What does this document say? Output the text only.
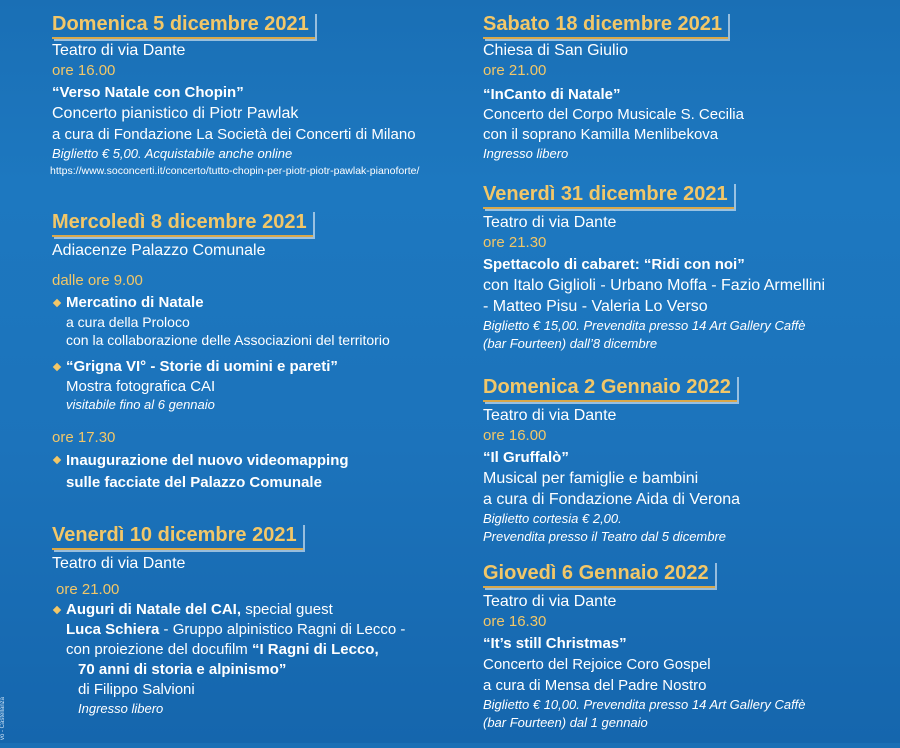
Domenica 5 dicembre 2021
Teatro di via Dante
ore 16.00
“Verso Natale con Chopin”
Concerto pianistico di Piotr Pawlak
a cura di Fondazione La Società dei Concerti di Milano
Biglietto € 5,00. Acquistabile anche online
https://www.soconcerti.it/concerto/tutto-chopin-per-piotr-piotr-pawlak-pianoforte/
Mercoledì 8 dicembre 2021
Adiacenze Palazzo Comunale
dalle ore 9.00
Mercatino di Natale
a cura della Proloco
con la collaborazione delle Associazioni del territorio
“Grigna VI° - Storie di uomini e pareti”
Mostra fotografica CAI
visitabile fino al 6 gennaio
ore 17.30
Inaugurazione del nuovo videomapping
sulle facciate del Palazzo Comunale
Venerdì 10 dicembre 2021
Teatro di via Dante
ore 21.00
Auguri di Natale del CAI, special guest
Luca Schiera - Gruppo alpinistico Ragni di Lecco -
con proiezione del docufilm “I Ragni di Lecco,
70 anni di storia e alpinismo”
di Filippo Salvioni
Ingresso libero
Sabato 18 dicembre 2021
Chiesa di San Giulio
ore 21.00
“InCanto di Natale”
Concerto del Corpo Musicale S. Cecilia
con il soprano Kamilla Menlibekova
Ingresso libero
Venerdì 31 dicembre 2021
Teatro di via Dante
ore 21.30
Spettacolo di cabaret: “Ridi con noi”
con Italo Giglioli - Urbano Moffa - Fazio Armellini
- Matteo Pisu - Valeria Lo Verso
Biglietto € 15,00. Prevendita presso 14 Art Gallery Caffè
(bar Fourteen) dall’8 dicembre
Domenica 2 Gennaio 2022
Teatro di via Dante
ore 16.00
“Il Gruffalò”
Musical per famiglie e bambini
a cura di Fondazione Aida di Verona
Biglietto cortesia € 2,00.
Prevendita presso il Teatro dal 5 dicembre
Giovedì 6 Gennaio 2022
Teatro di via Dante
ore 16.30
“It’s still Christmas”
Concerto del Rejoice Coro Gospel
a cura di Mensa del Padre Nostro
Biglietto € 10,00. Prevendita presso 14 Art Gallery Caffè
(bar Fourteen) dal 1 gennaio
vo - Castellanza
